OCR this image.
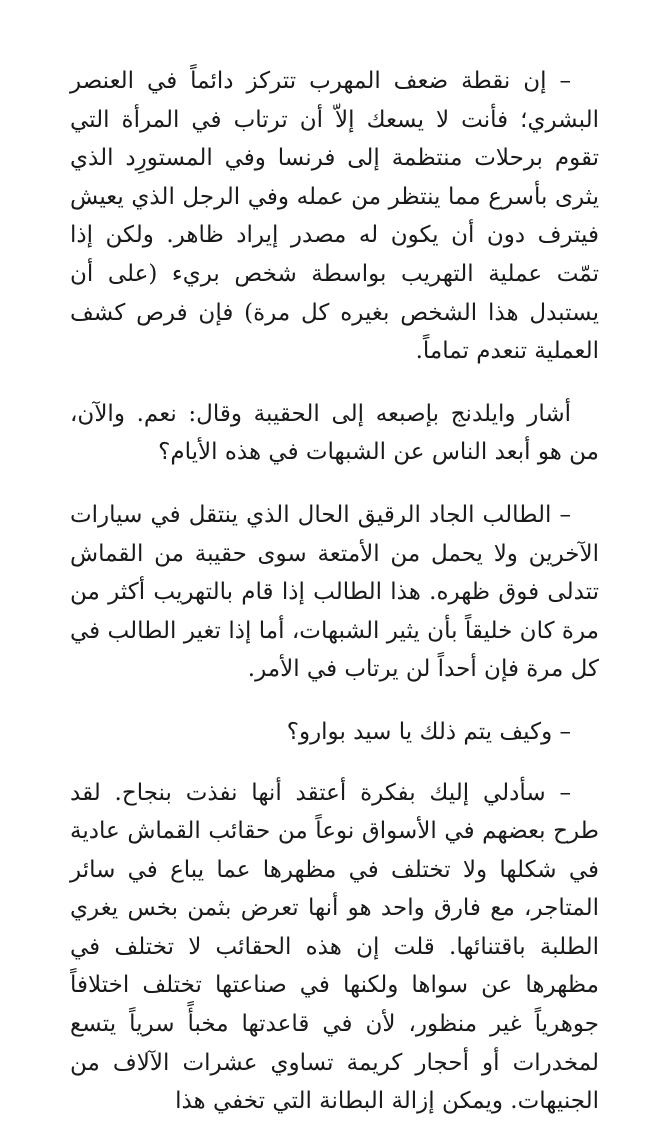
– إن نقطة ضعف المهرب تتركز دائماً في العنصر البشري؛ فأنت لا يسعك إلاّ أن ترتاب في المرأة التي تقوم برحلات منتظمة إلى فرنسا وفي المستورِد الذي يثرى بأسرع مما ينتظر من عمله وفي الرجل الذي يعيش فيترف دون أن يكون له مصدر إيراد ظاهر. ولكن إذا تمّت عملية التهريب بواسطة شخص بريء (على أن يستبدل هذا الشخص بغيره كل مرة) فإن فرص كشف العملية تنعدم تماماً.

أشار وايلدنج بإصبعه إلى الحقيبة وقال: نعم. والآن، من هو أبعد الناس عن الشبهات في هذه الأيام؟

– الطالب الجاد الرقيق الحال الذي ينتقل في سيارات الآخرين ولا يحمل من الأمتعة سوى حقيبة من القماش تتدلى فوق ظهره. هذا الطالب إذا قام بالتهريب أكثر من مرة كان خليقاً بأن يثير الشبهات، أما إذا تغير الطالب في كل مرة فإن أحداً لن يرتاب في الأمر.

– وكيف يتم ذلك يا سيد بوارو؟

– سأدلي إليك بفكرة أعتقد أنها نفذت بنجاح. لقد طرح بعضهم في الأسواق نوعاً من حقائب القماش عادية في شكلها ولا تختلف في مظهرها عما يباع في سائر المتاجر، مع فارق واحد هو أنها تعرض بثمن بخس يغري الطلبة باقتنائها. قلت إن هذه الحقائب لا تختلف في مظهرها عن سواها ولكنها في صناعتها تختلف اختلافاً جوهرياً غير منظور، لأن في قاعدتها مخبأً سرياً يتسع لمخدرات أو أحجار كريمة تساوي عشرات الآلاف من الجنيهات. ويمكن إزالة البطانة التي تخفي هذا
